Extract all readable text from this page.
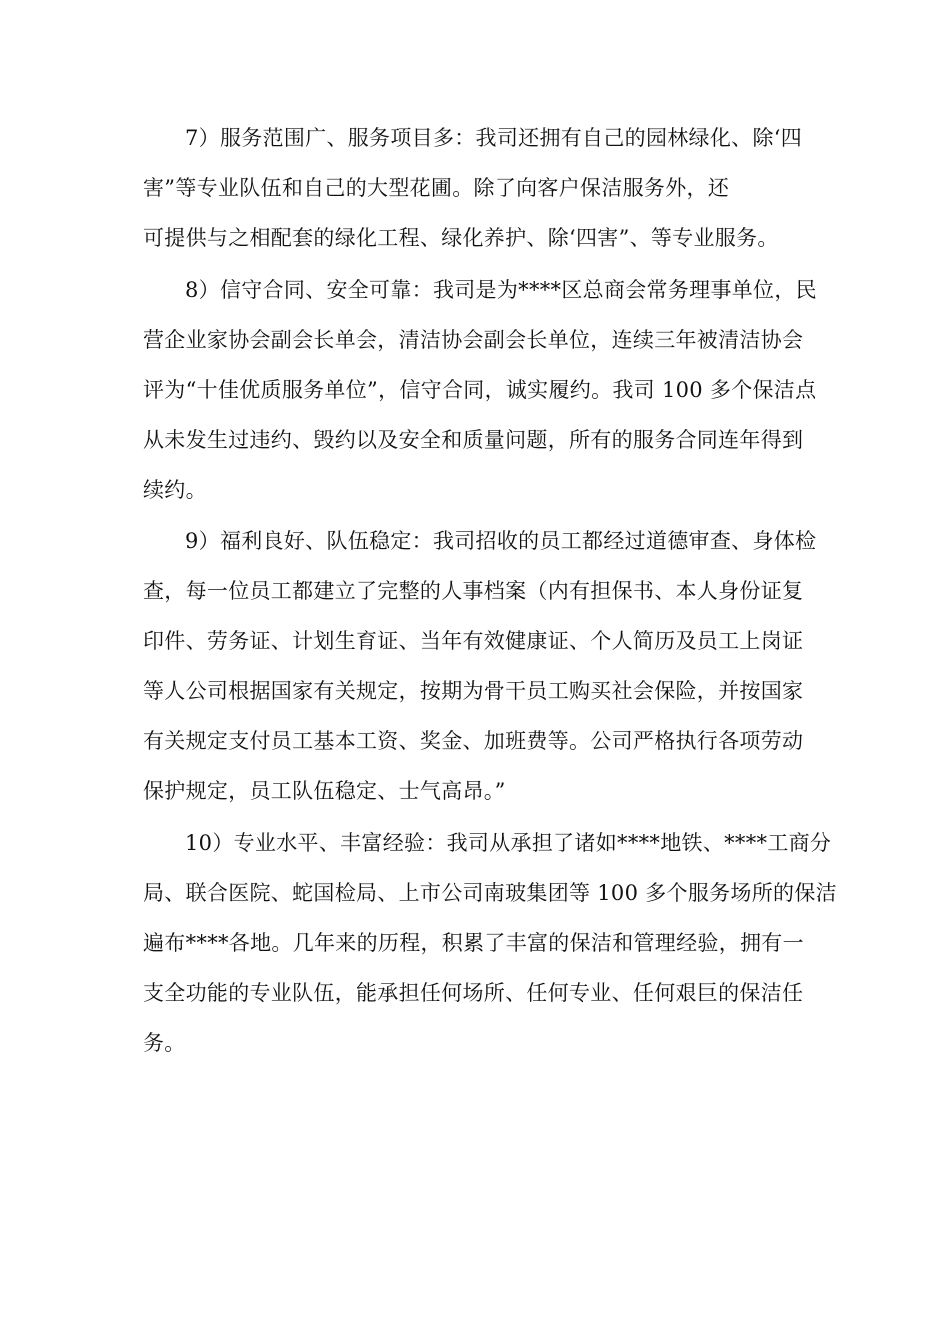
7）服务范围广、服务项目多：我司还拥有自己的园林绿化、除‘四
害”等专业队伍和自己的大型花圃。除了向客户保洁服务外，还
可提供与之相配套的绿化工程、绿化养护、除‘四害”、等专业服务。
8）信守合同、安全可靠：我司是为****区总商会常务理事单位，民
营企业家协会副会长单会，清洁协会副会长单位，连续三年被清洁协会
评为“十佳优质服务单位”，信守合同，诚实履约。我司 100 多个保洁点
从未发生过违约、毁约以及安全和质量问题，所有的服务合同连年得到
续约。
9）福利良好、队伍稳定：我司招收的员工都经过道德审查、身体检
查，每一位员工都建立了完整的人事档案（内有担保书、本人身份证复
印件、劳务证、计划生育证、当年有效健康证、个人简历及员工上岗证
等人公司根据国家有关规定，按期为骨干员工购买社会保险，并按国家
有关规定支付员工基本工资、奖金、加班费等。公司严格执行各项劳动
保护规定，员工队伍稳定、士气高昂。”
10）专业水平、丰富经验：我司从承担了诸如****地铁、****工商分
局、联合医院、蛇国检局、上市公司南玻集团等 100 多个服务场所的保洁
遍布****各地。几年来的历程，积累了丰富的保洁和管理经验，拥有一
支全功能的专业队伍，能承担任何场所、任何专业、任何艰巨的保洁任
务。
